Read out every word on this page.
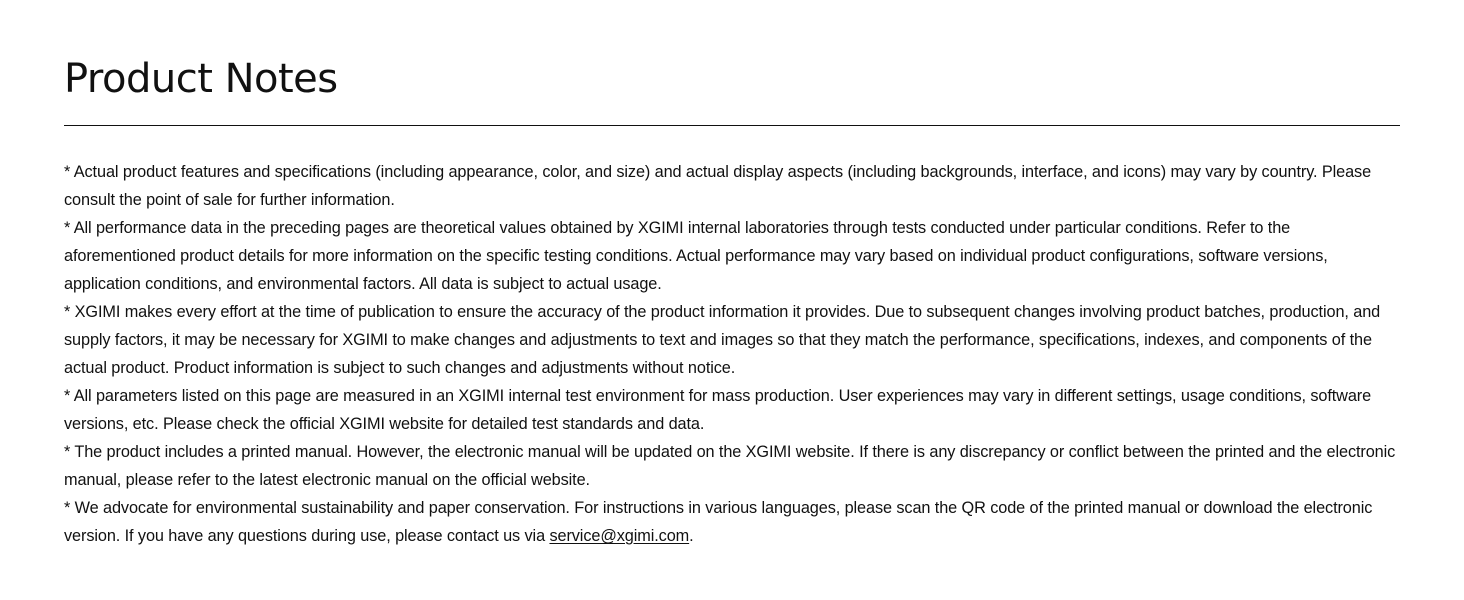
Product Notes

* Actual product features and specifications (including appearance, color, and size) and actual display aspects (including backgrounds, interface, and icons) may vary by country. Please consult the point of sale for further information.

* All performance data in the preceding pages are theoretical values obtained by XGIMI internal laboratories through tests conducted under particular conditions. Refer to the aforementioned product details for more information on the specific testing conditions. Actual performance may vary based on individual product configurations, software versions, application conditions, and environmental factors. All data is subject to actual usage.

* XGIMI makes every effort at the time of publication to ensure the accuracy of the product information it provides. Due to subsequent changes involving product batches, production, and supply factors, it may be necessary for XGIMI to make changes and adjustments to text and images so that they match the performance, specifications, indexes, and components of the actual product. Product information is subject to such changes and adjustments without notice.

* All parameters listed on this page are measured in an XGIMI internal test environment for mass production. User experiences may vary in different settings, usage conditions, software versions, etc. Please check the official XGIMI website for detailed test standards and data.

* The product includes a printed manual. However, the electronic manual will be updated on the XGIMI website. If there is any discrepancy or conflict between the printed and the electronic manual, please refer to the latest electronic manual on the official website.

* We advocate for environmental sustainability and paper conservation. For instructions in various languages, please scan the QR code of the printed manual or download the electronic version. If you have any questions during use, please contact us via service@xgimi.com.
